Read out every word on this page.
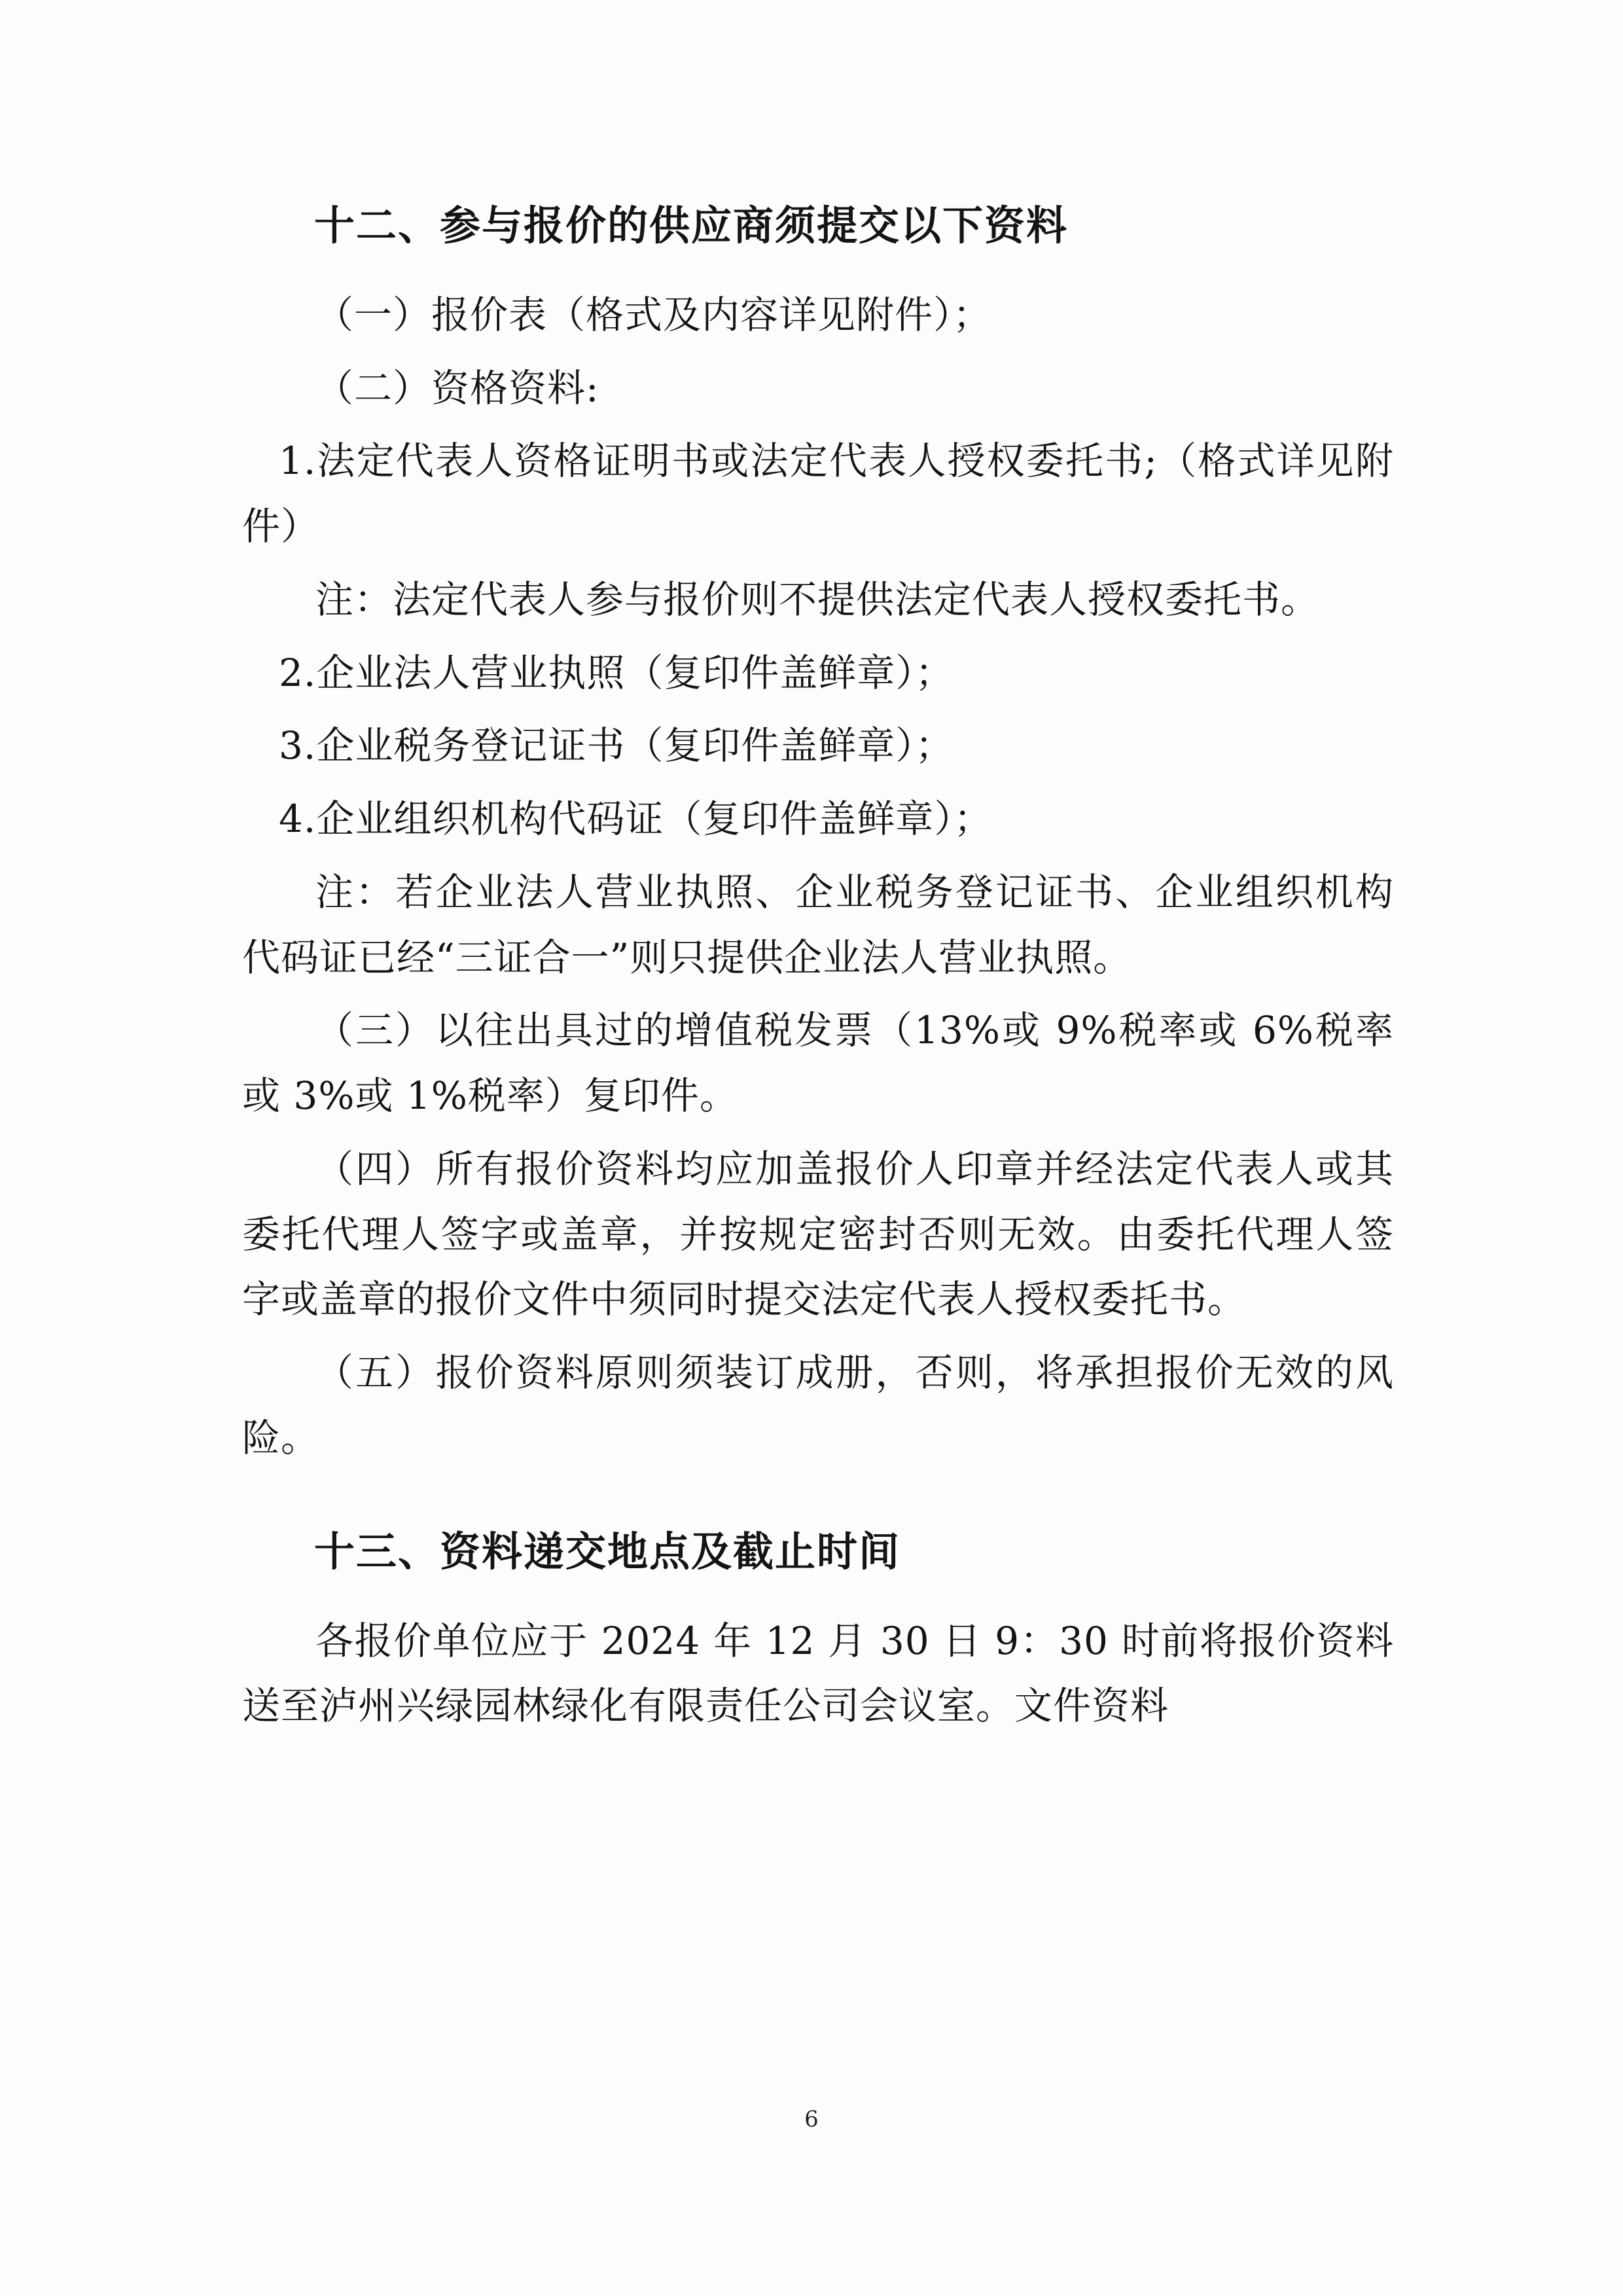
十二、参与报价的供应商须提交以下资料

（一）报价表（格式及内容详见附件）；

（二）资格资料:

1.法定代表人资格证明书或法定代表人授权委托书;（格式详见附件）

注：法定代表人参与报价则不提供法定代表人授权委托书。

2.企业法人营业执照（复印件盖鲜章）；

3.企业税务登记证书（复印件盖鲜章）；

4.企业组织机构代码证（复印件盖鲜章）；

注：若企业法人营业执照、企业税务登记证书、企业组织机构代码证已经“三证合一”则只提供企业法人营业执照。

（三）以往出具过的增值税发票（13%或 9%税率或 6%税率或 3%或 1%税率）复印件。

（四）所有报价资料均应加盖报价人印章并经法定代表人或其委托代理人签字或盖章，并按规定密封否则无效。由委托代理人签字或盖章的报价文件中须同时提交法定代表人授权委托书。

（五）报价资料原则须装订成册，否则，将承担报价无效的风险。

十三、资料递交地点及截止时间

各报价单位应于 2024 年 12 月 30 日 9：30 时前将报价资料送至泸州兴绿园林绿化有限责任公司会议室。文件资料

6
